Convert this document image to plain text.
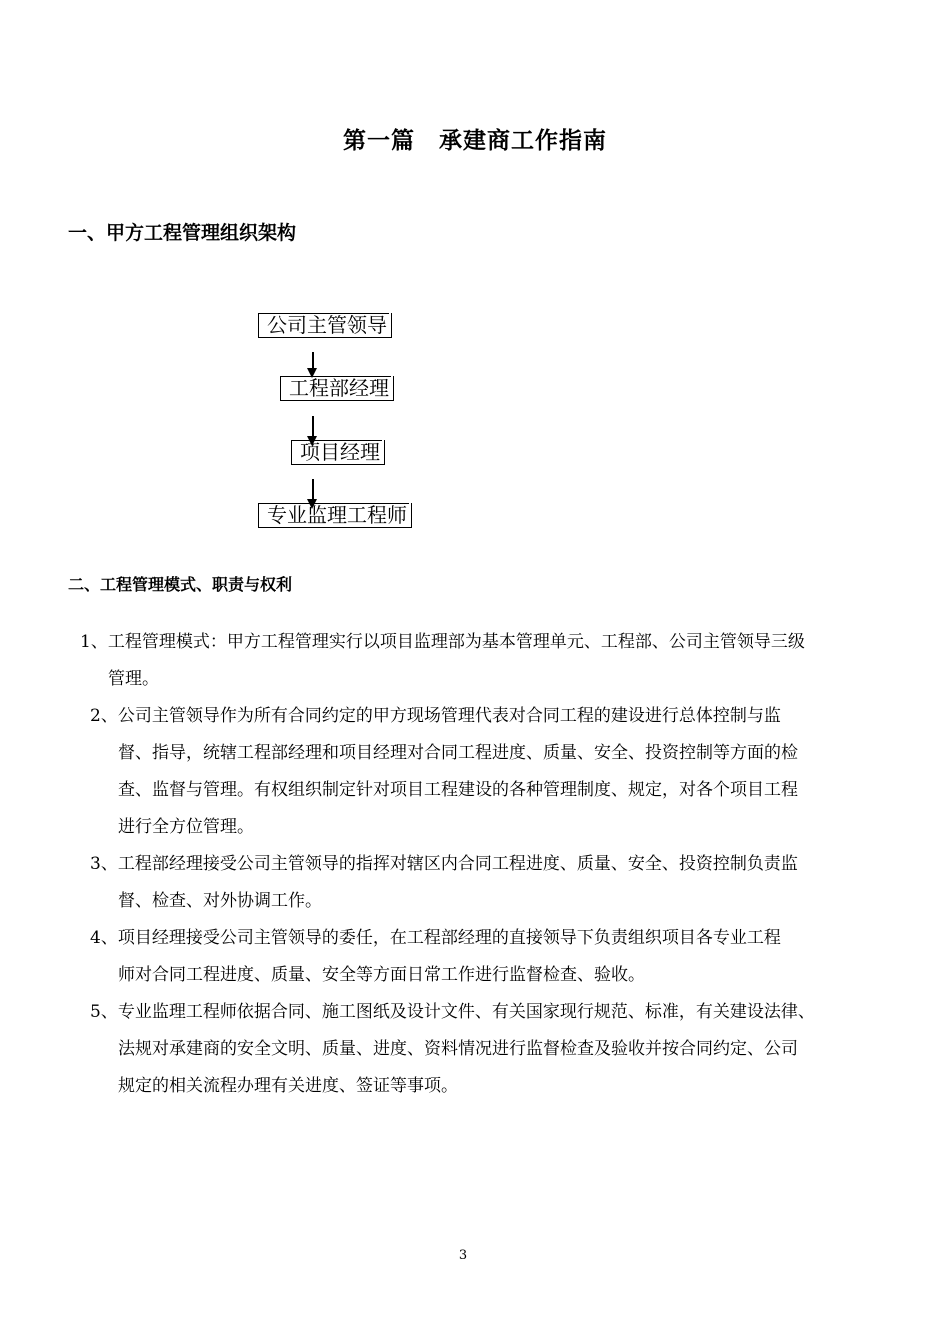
第一篇　承建商工作指南
一、甲方工程管理组织架构
公司主管领导
工程部经理
项目经理
专业监理工程师
二、工程管理模式、职责与权利
1、工程管理模式：甲方工程管理实行以项目监理部为基本管理单元、工程部、公司主管领导三级
管理。
2、公司主管领导作为所有合同约定的甲方现场管理代表对合同工程的建设进行总体控制与监
督、指导，统辖工程部经理和项目经理对合同工程进度、质量、安全、投资控制等方面的检
查、监督与管理。有权组织制定针对项目工程建设的各种管理制度、规定，对各个项目工程
进行全方位管理。
3、工程部经理接受公司主管领导的指挥对辖区内合同工程进度、质量、安全、投资控制负责监
督、检查、对外协调工作。
4、项目经理接受公司主管领导的委任，在工程部经理的直接领导下负责组织项目各专业工程
师对合同工程进度、质量、安全等方面日常工作进行监督检查、验收。
5、专业监理工程师依据合同、施工图纸及设计文件、有关国家现行规范、标准，有关建设法律、
法规对承建商的安全文明、质量、进度、资料情况进行监督检查及验收并按合同约定、公司
规定的相关流程办理有关进度、签证等事项。
3
